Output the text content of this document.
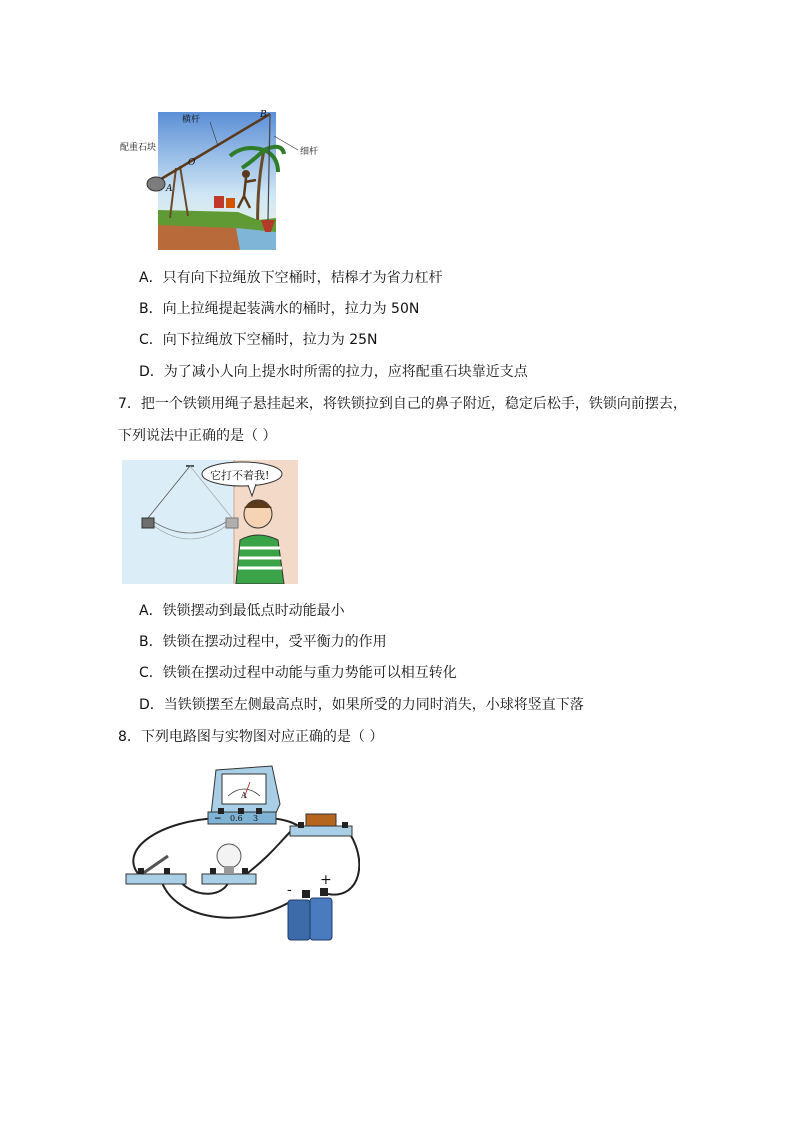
横杆
配重石块	细杆
B
O
A
A．只有向下拉绳放下空桶时，桔槔才为省力杠杆
B．向上拉绳提起装满水的桶时，拉力为 50N
C．向下拉绳放下空桶时，拉力为 25N
D．为了减小人向上提水时所需的拉力，应将配重石块靠近支点
7．把一个铁锁用绳子悬挂起来，将铁锁拉到自己的鼻子附近，稳定后松手，铁锁向前摆去，
下列说法中正确的是（ ）
它打不着我!
A．铁锁摆动到最低点时动能最小
B．铁锁在摆动过程中，受平衡力的作用
C．铁锁在摆动过程中动能与重力势能可以相互转化
D．当铁锁摆至左侧最高点时，如果所受的力同时消失，小球将竖直下落
8．下列电路图与实物图对应正确的是（ ）
− 0.6 3
A
-
+
